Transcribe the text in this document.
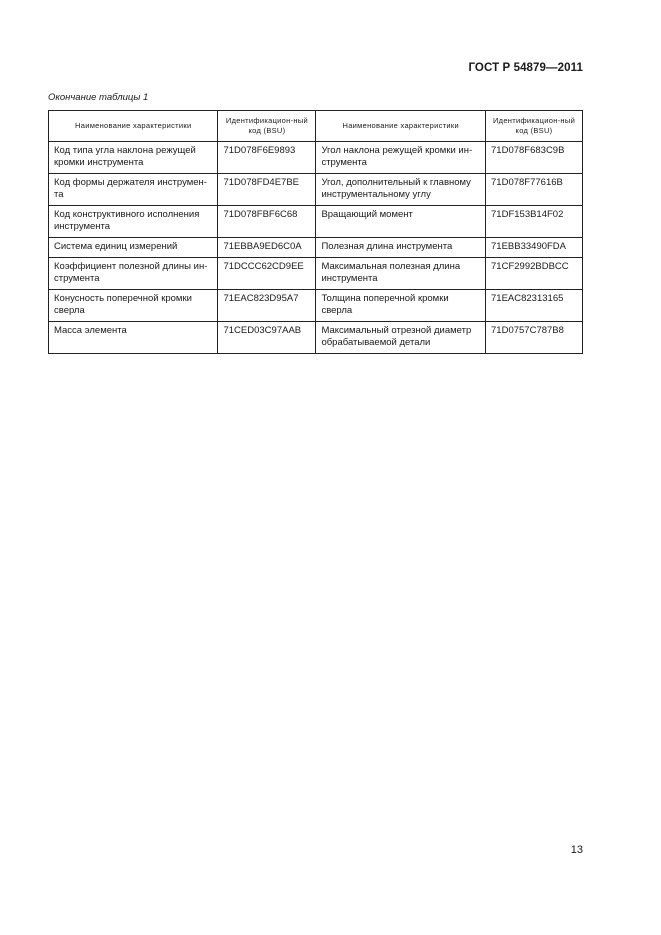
ГОСТ Р 54879—2011
Окончание таблицы 1
Наименование характеристики	Идентификацион-ный код (BSU)	Наименование характеристики	Идентификацион-ный код (BSU)
Код типа угла наклона режущей кромки инструмента	71D078F6E9893	Угол наклона режущей кромки ин-струмента	71D078F683C9B
Код формы держателя инструмен-та	71D078FD4E7BE	Угол, дополнительный к главному инструментальному углу	71D078F77616B
Код конструктивного исполнения инструмента	71D078FBF6C68	Вращающий момент	71DF153B14F02
Система единиц измерений	71EBBA9ED6C0A	Полезная длина инструмента	71EBB33490FDA
Коэффициент полезной длины ин-струмента	71DCCC62CD9EE	Максимальная полезная длина инструмента	71CF2992BDBCC
Конусность поперечной кромки сверла	71EAC823D95A7	Толщина поперечной кромки сверла	71EAC82313165
Масса элемента	71CED03C97AAB	Максимальный отрезной диаметр обрабатываемой детали	71D0757C787B8
13
